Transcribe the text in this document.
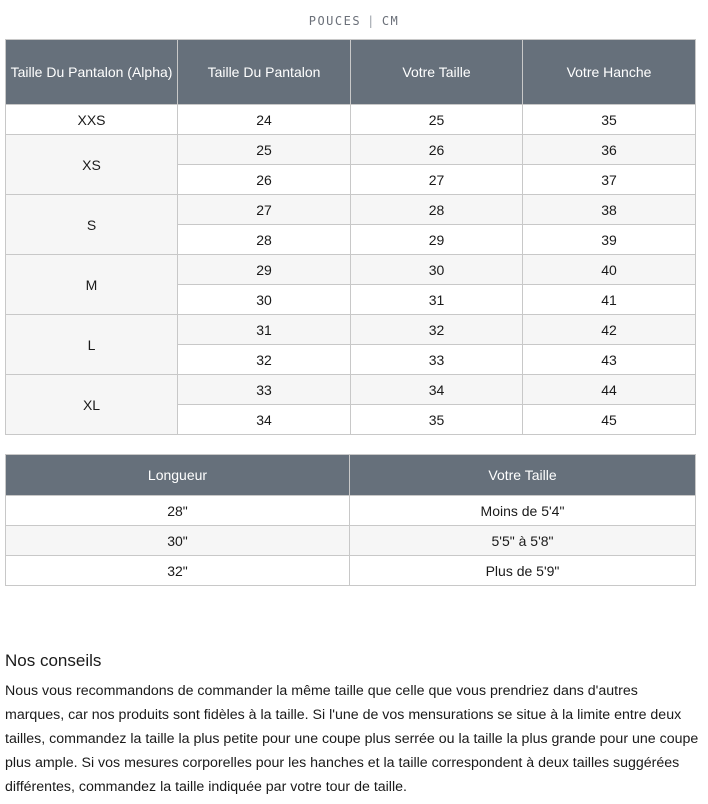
POUCES | CM
Taille Du Pantalon (Alpha)	Taille Du Pantalon	Votre Taille	Votre Hanche
XXS	24	25	35
XS	25	26	36
	26	27	37
S	27	28	38
	28	29	39
M	29	30	40
	30	31	41
L	31	32	42
	32	33	43
XL	33	34	44
	34	35	45
Longueur	Votre Taille
28"	Moins de 5'4"
30"	5'5" à 5'8"
32"	Plus de 5'9"
Nos conseils

Nous vous recommandons de commander la même taille que celle que vous prendriez dans d'autres marques, car nos produits sont fidèles à la taille. Si l'une de vos mensurations se situe à la limite entre deux tailles, commandez la taille la plus petite pour une coupe plus serrée ou la taille la plus grande pour une coupe plus ample. Si vos mesures corporelles pour les hanches et la taille correspondent à deux tailles suggérées différentes, commandez la taille indiquée par votre tour de taille.
